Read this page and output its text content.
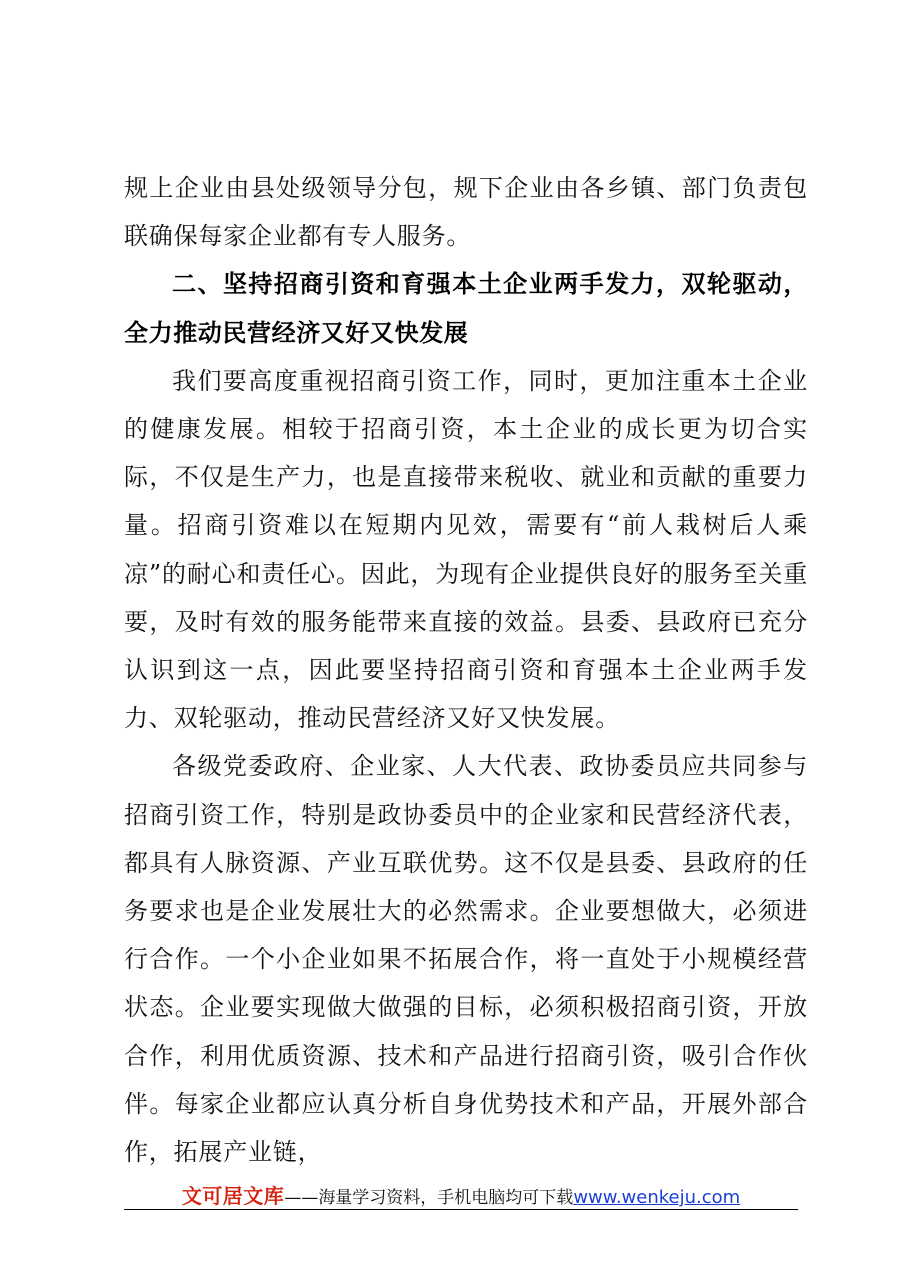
规上企业由县处级领导分包，规下企业由各乡镇、部门负责包联确保每家企业都有专人服务。

二、坚持招商引资和育强本土企业两手发力，双轮驱动，全力推动民营经济又好又快发展

我们要高度重视招商引资工作，同时，更加注重本土企业的健康发展。相较于招商引资，本土企业的成长更为切合实际，不仅是生产力，也是直接带来税收、就业和贡献的重要力量。招商引资难以在短期内见效，需要有“前人栽树后人乘凉”的耐心和责任心。因此，为现有企业提供良好的服务至关重要，及时有效的服务能带来直接的效益。县委、县政府已充分认识到这一点，因此要坚持招商引资和育强本土企业两手发力、双轮驱动，推动民营经济又好又快发展。

各级党委政府、企业家、人大代表、政协委员应共同参与招商引资工作，特别是政协委员中的企业家和民营经济代表，都具有人脉资源、产业互联优势。这不仅是县委、县政府的任务要求也是企业发展壮大的必然需求。企业要想做大，必须进行合作。一个小企业如果不拓展合作，将一直处于小规模经营状态。企业要实现做大做强的目标，必须积极招商引资，开放合作，利用优质资源、技术和产品进行招商引资，吸引合作伙伴。每家企业都应认真分析自身优势技术和产品，开展外部合作，拓展产业链，

文可居文库——海量学习资料，手机电脑均可下载www.wenkeju.com
